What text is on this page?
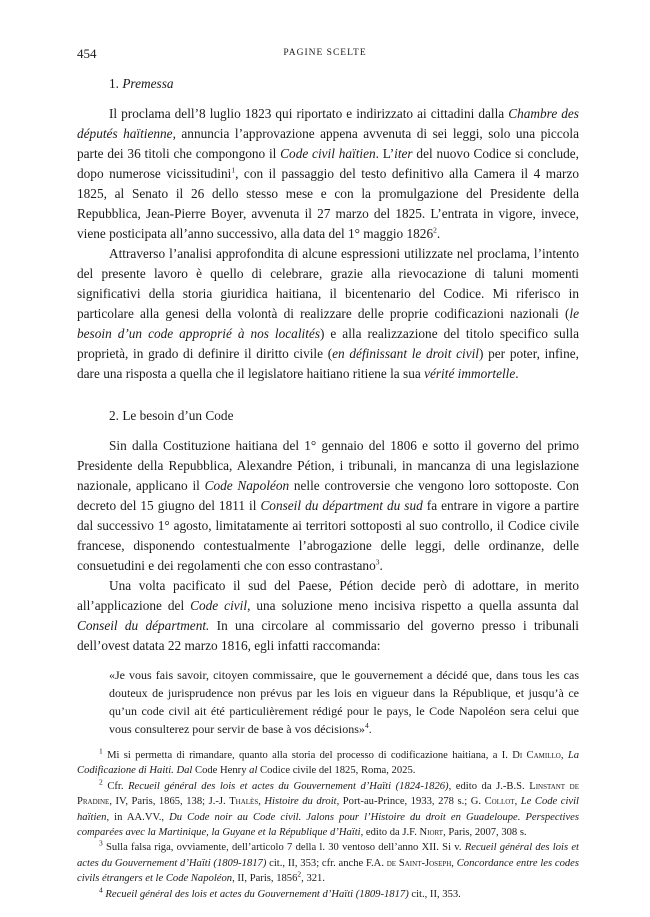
454	PAGINE SCELTE
1. Premessa

Il proclama dell’8 luglio 1823 qui riportato e indirizzato ai cittadini dalla Chambre des députés haïtienne, annuncia l’approvazione appena avvenuta di sei leggi, solo una piccola parte dei 36 titoli che compongono il Code civil haïtien. L’iter del nuovo Codice si conclude, dopo numerose vicissitudini$^1$, con il passaggio del testo definitivo alla Camera il 4 marzo 1825, al Senato il 26 dello stesso mese e con la promulgazione del Presidente della Repubblica, Jean-Pierre Boyer, avvenuta il 27 marzo del 1825. L’entrata in vigore, invece, viene posticipata all’anno successivo, alla data del 1° maggio 1826$^2$.

Attraverso l’analisi approfondita di alcune espressioni utilizzate nel proclama, l’intento del presente lavoro è quello di celebrare, grazie alla rievocazione di taluni momenti significativi della storia giuridica haitiana, il bicentenario del Codice. Mi riferisco in particolare alla genesi della volontà di realizzare delle proprie codificazioni nazionali (le besoin d’un code approprié à nos localités) e alla realizzazione del titolo specifico sulla proprietà, in grado di definire il diritto civile (en définissant le droit civil) per poter, infine, dare una risposta a quella che il legislatore haitiano ritiene la sua vérité immortelle.

2. Le besoin d’un Code

Sin dalla Costituzione haitiana del 1° gennaio del 1806 e sotto il governo del primo Presidente della Repubblica, Alexandre Pétion, i tribunali, in mancanza di una legislazione nazionale, applicano il Code Napoléon nelle controversie che vengono loro sottoposte. Con decreto del 15 giugno del 1811 il Conseil du départment du sud fa entrare in vigore a partire dal successivo 1° agosto, limitatamente ai territori sottoposti al suo controllo, il Codice civile francese, disponendo contestualmente l’abrogazione delle leggi, delle ordinanze, delle consuetudini e dei regolamenti che con esso contrastano$^3$.

Una volta pacificato il sud del Paese, Pétion decide però di adottare, in merito all’applicazione del Code civil, una soluzione meno incisiva rispetto a quella assunta dal Conseil du départment. In una circolare al commissario del governo presso i tribunali dell’ovest datata 22 marzo 1816, egli infatti raccomanda:

«Je vous fais savoir, citoyen commissaire, que le gouvernement a décidé que, dans tous les cas douteux de jurisprudence non prévus par les lois en vigueur dans la République, et jusqu’à ce qu’un code civil ait été particulièrement rédigé pour le pays, le Code Napoléon sera celui que vous consulterez pour servir de base à vos décisions»$^4$.

$^1$ Mi si permetta di rimandare, quanto alla storia del processo di codificazione haitiana, a I. Di Camillo, La Codificazione di Haiti. Dal Code Henry al Codice civile del 1825, Roma, 2025.

$^2$ Cfr. Recueil général des lois et actes du Gouvernement d’Haïti (1824-1826), edito da J.-B.S. Linstant de Pradine, IV, Paris, 1865, 138; J.-J. Thalès, Histoire du droit, Port-au-Prince, 1933, 278 s.; G. Collot, Le Code civil haïtien, in AA.VV., Du Code noir au Code civil. Jalons pour l’Histoire du droit en Guadeloupe. Perspectives comparées avec la Martinique, la Guyane et la République d’Haïti, edito da J.F. Niort, Paris, 2007, 308 s.

$^3$ Sulla falsa riga, ovviamente, dell’articolo 7 della l. 30 ventoso dell’anno XII. Si v. Recueil général des lois et actes du Gouvernement d’Haïti (1809-1817) cit., II, 353; cfr. anche F.A. de Saint-Joseph, Concordance entre les codes civils étrangers et le Code Napoléon, II, Paris, 1856$^2$, 321.

$^4$ Recueil général des lois et actes du Gouvernement d’Haïti (1809-1817) cit., II, 353.
